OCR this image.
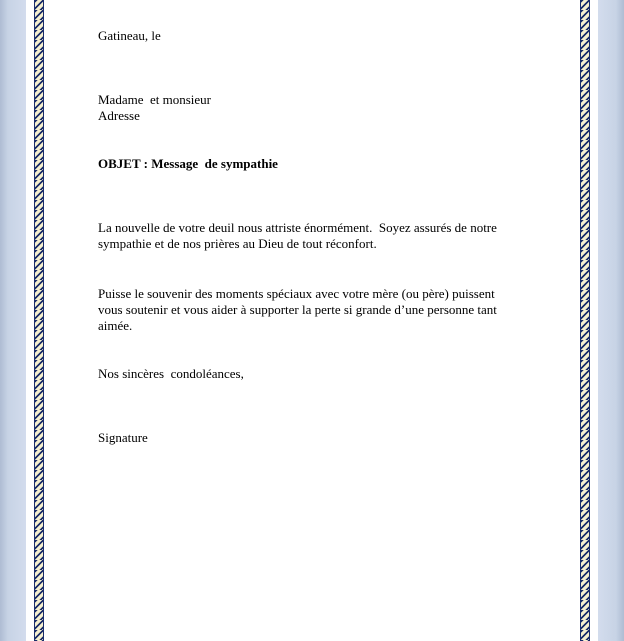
Gatineau, le
Madame  et monsieur
Adresse
OBJET : Message  de sympathie
La nouvelle de votre deuil nous attriste énormément.  Soyez assurés de notre
sympathie et de nos prières au Dieu de tout réconfort.
Puisse le souvenir des moments spéciaux avec votre mère (ou père) puissent
vous soutenir et vous aider à supporter la perte si grande d’une personne tant
aimée.
Nos sincères  condoléances,
Signature
